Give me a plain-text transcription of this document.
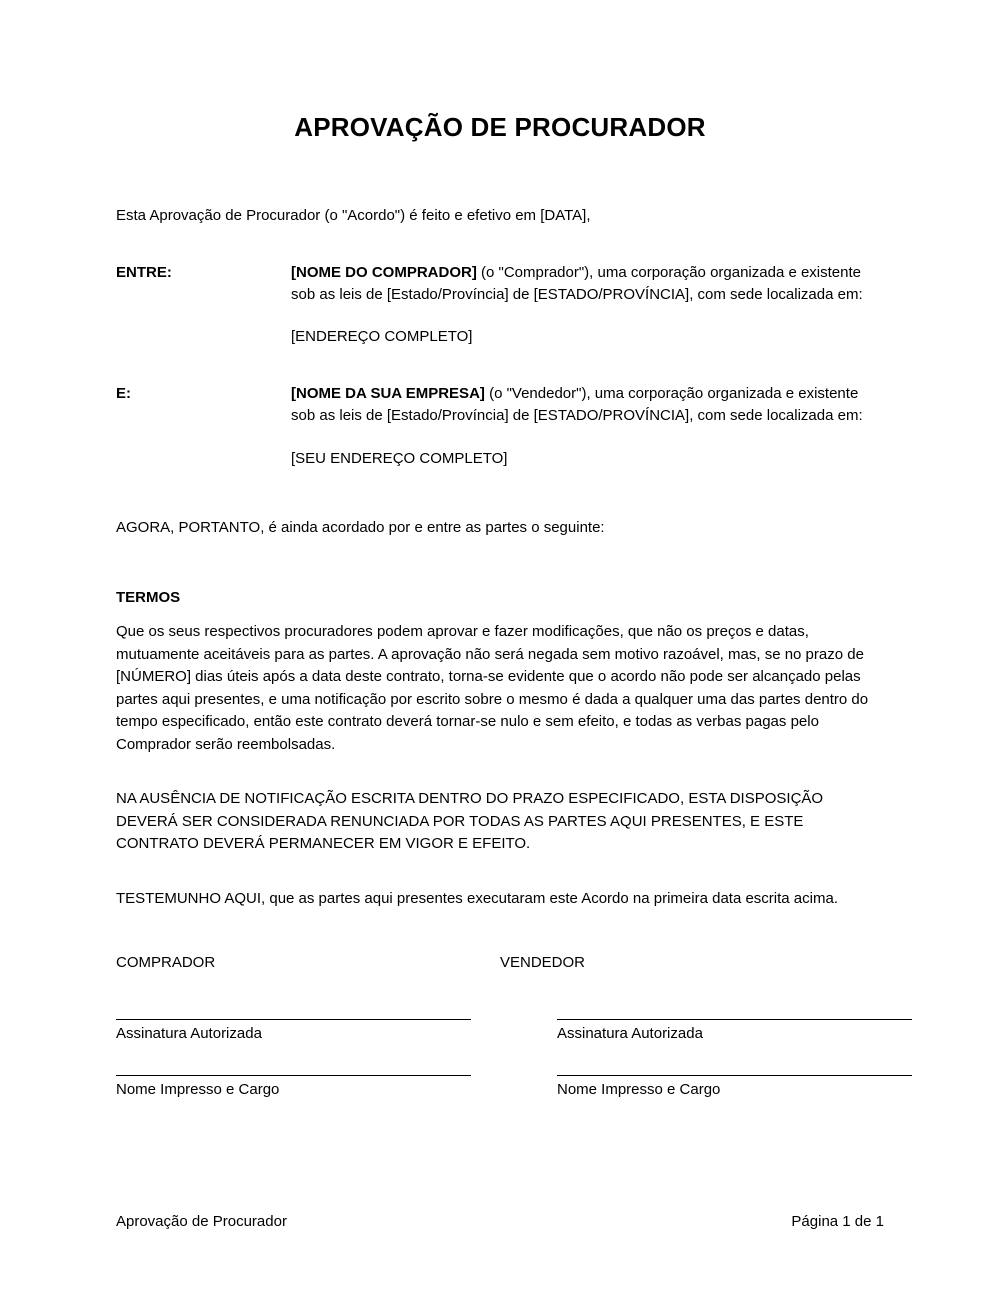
APROVAÇÃO DE PROCURADOR

Esta Aprovação de Procurador (o "Acordo") é feito e efetivo em [DATA],

ENTRE:	[NOME DO COMPRADOR] (o "Comprador"), uma corporação organizada e existente sob as leis de [Estado/Província] de [ESTADO/PROVÍNCIA], com sede localizada em:

[ENDEREÇO COMPLETO]

E:	[NOME DA SUA EMPRESA] (o "Vendedor"), uma corporação organizada e existente sob as leis de [Estado/Província] de [ESTADO/PROVÍNCIA], com sede localizada em:

[SEU ENDEREÇO COMPLETO]

AGORA, PORTANTO, é ainda acordado por e entre as partes o seguinte:

TERMOS

Que os seus respectivos procuradores podem aprovar e fazer modificações, que não os preços e datas, mutuamente aceitáveis para as partes. A aprovação não será negada sem motivo razoável, mas, se no prazo de [NÚMERO] dias úteis após a data deste contrato, torna-se evidente que o acordo não pode ser alcançado pelas partes aqui presentes, e uma notificação por escrito sobre o mesmo é dada a qualquer uma das partes dentro do tempo especificado, então este contrato deverá tornar-se nulo e sem efeito, e todas as verbas pagas pelo Comprador serão reembolsadas.

NA AUSÊNCIA DE NOTIFICAÇÃO ESCRITA DENTRO DO PRAZO ESPECIFICADO, ESTA DISPOSIÇÃO DEVERÁ SER CONSIDERADA RENUNCIADA POR TODAS AS PARTES AQUI PRESENTES, E ESTE CONTRATO DEVERÁ PERMANECER EM VIGOR E EFEITO.

TESTEMUNHO AQUI, que as partes aqui presentes executaram este Acordo na primeira data escrita acima.

COMPRADOR	VENDEDOR
Assinatura Autorizada	Assinatura Autorizada
Nome Impresso e Cargo	Nome Impresso e Cargo
Aprovação de Procurador	Página 1 de 1
